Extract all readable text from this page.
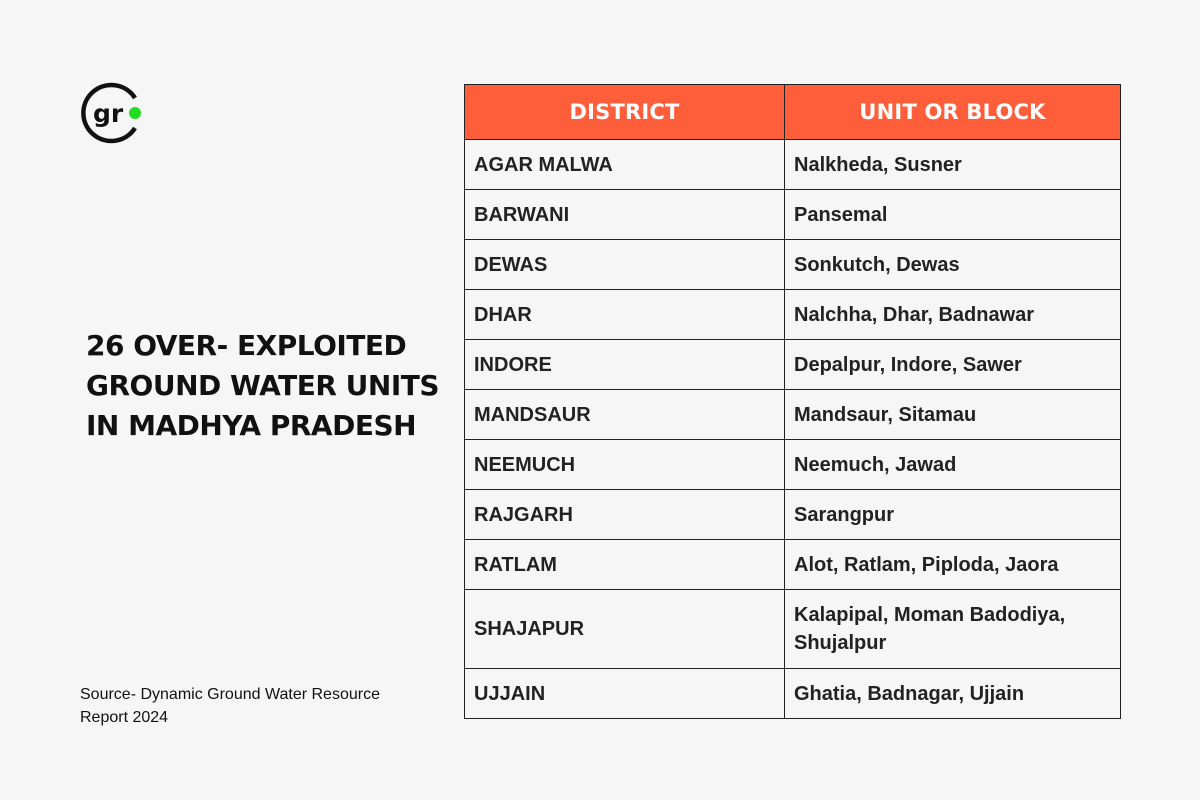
gr
26 OVER- EXPLOITED
GROUND WATER UNITS
IN MADHYA PRADESH
Source- Dynamic Ground Water Resource
Report 2024
DISTRICT	UNIT OR BLOCK
AGAR MALWA	Nalkheda, Susner
BARWANI	Pansemal
DEWAS	Sonkutch, Dewas
DHAR	Nalchha, Dhar, Badnawar
INDORE	Depalpur, Indore, Sawer
MANDSAUR	Mandsaur, Sitamau
NEEMUCH	Neemuch, Jawad
RAJGARH	Sarangpur
RATLAM	Alot, Ratlam, Piploda, Jaora
SHAJAPUR	Kalapipal, Moman Badodiya, Shujalpur
UJJAIN	Ghatia, Badnagar, Ujjain
